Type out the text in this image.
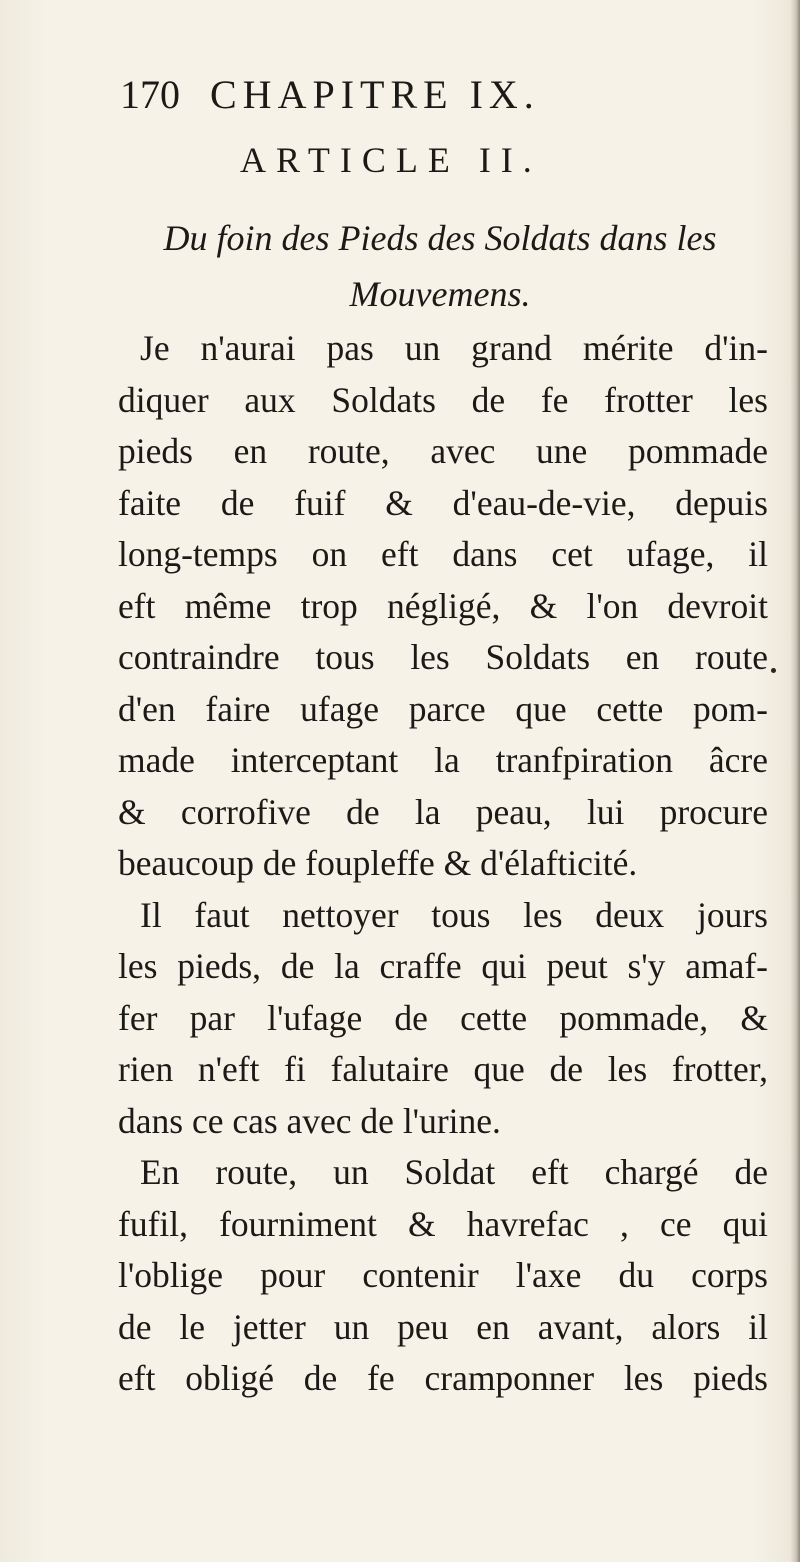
170 CHAPITRE IX.
ARTICLE II.
Du foin des Pieds des Soldats dans les
Mouvemens.
Je n'aurai pas un grand mérite d'in-
diquer aux Soldats de fe frotter les
pieds en route, avec une pommade
faite de fuif & d'eau-de-vie, depuis
long-temps on eft dans cet ufage, il
eft même trop négligé, & l'on devroit
contraindre tous les Soldats en route
d'en faire ufage parce que cette pom-
made interceptant la tranfpiration âcre
& corrofive de la peau, lui procure
beaucoup de foupleffe & d'élafticité.
Il faut nettoyer tous les deux jours
les pieds, de la craffe qui peut s'y amaf-
fer par l'ufage de cette pommade, &
rien n'eft fi falutaire que de les frotter,
dans ce cas avec de l'urine.
En route, un Soldat eft chargé de
fufil, fourniment & havrefac , ce qui
l'oblige pour contenir l'axe du corps
de le jetter un peu en avant, alors il
eft obligé de fe cramponner les pieds
